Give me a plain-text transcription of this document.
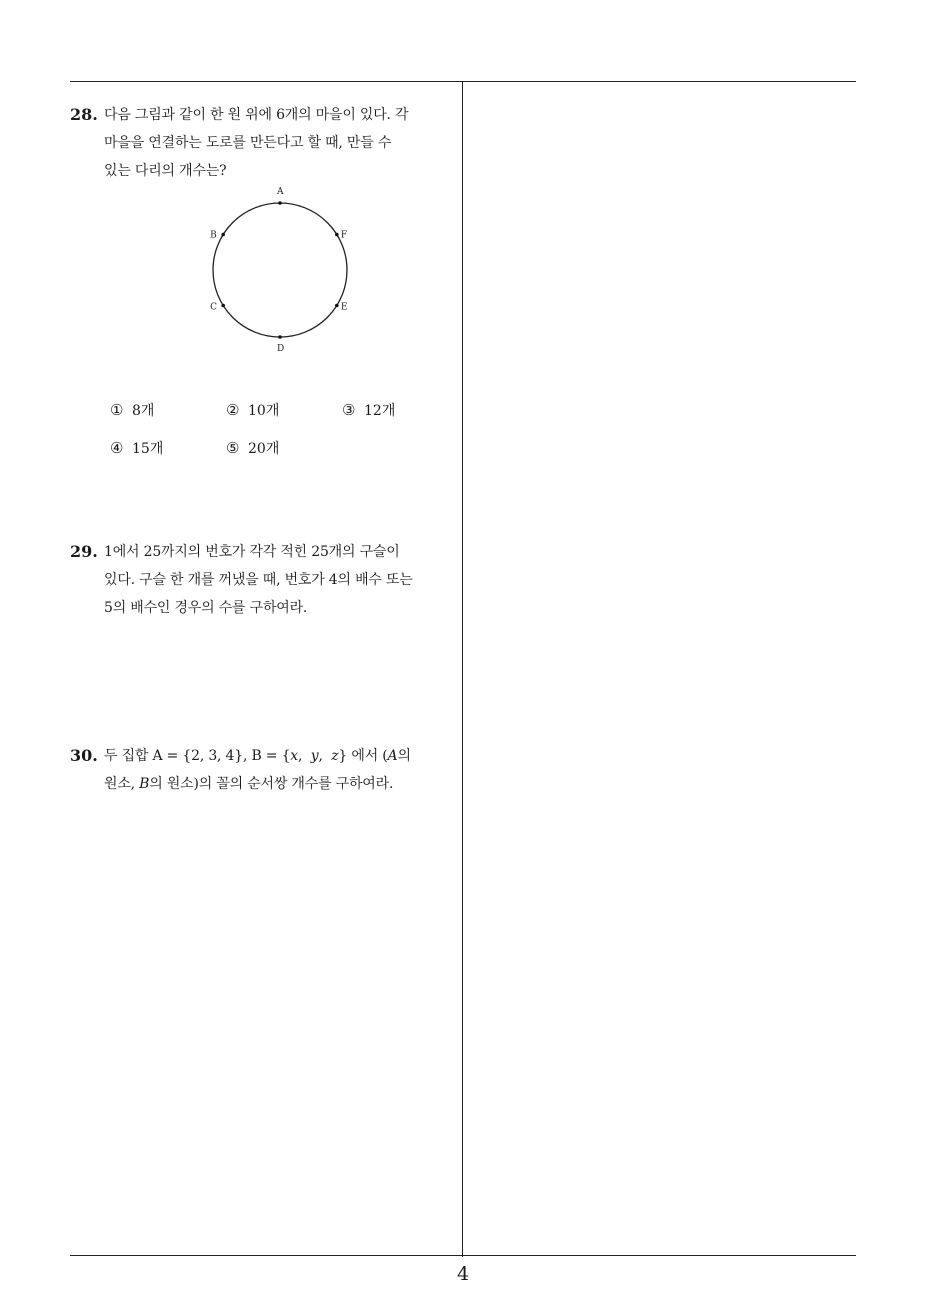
28. 다음 그림과 같이 한 원 위에 6개의 마을이 있다. 각
마을을 연결하는 도로를 만든다고 할 때, 만들 수
있는 다리의 개수는?
A
B
C
D
E
F
① 8개	② 10개	③ 12개
④ 15개	⑤ 20개
29. 1에서 25까지의 번호가 각각 적힌 25개의 구슬이
있다. 구슬 한 개를 꺼냈을 때, 번호가 4의 배수 또는
5의 배수인 경우의 수를 구하여라.
30. 두 집합 A = {2, 3, 4}, B = {x,  y,  z} 에서 (A의
원소, B의 원소)의 꼴의 순서쌍 개수를 구하여라.
4
